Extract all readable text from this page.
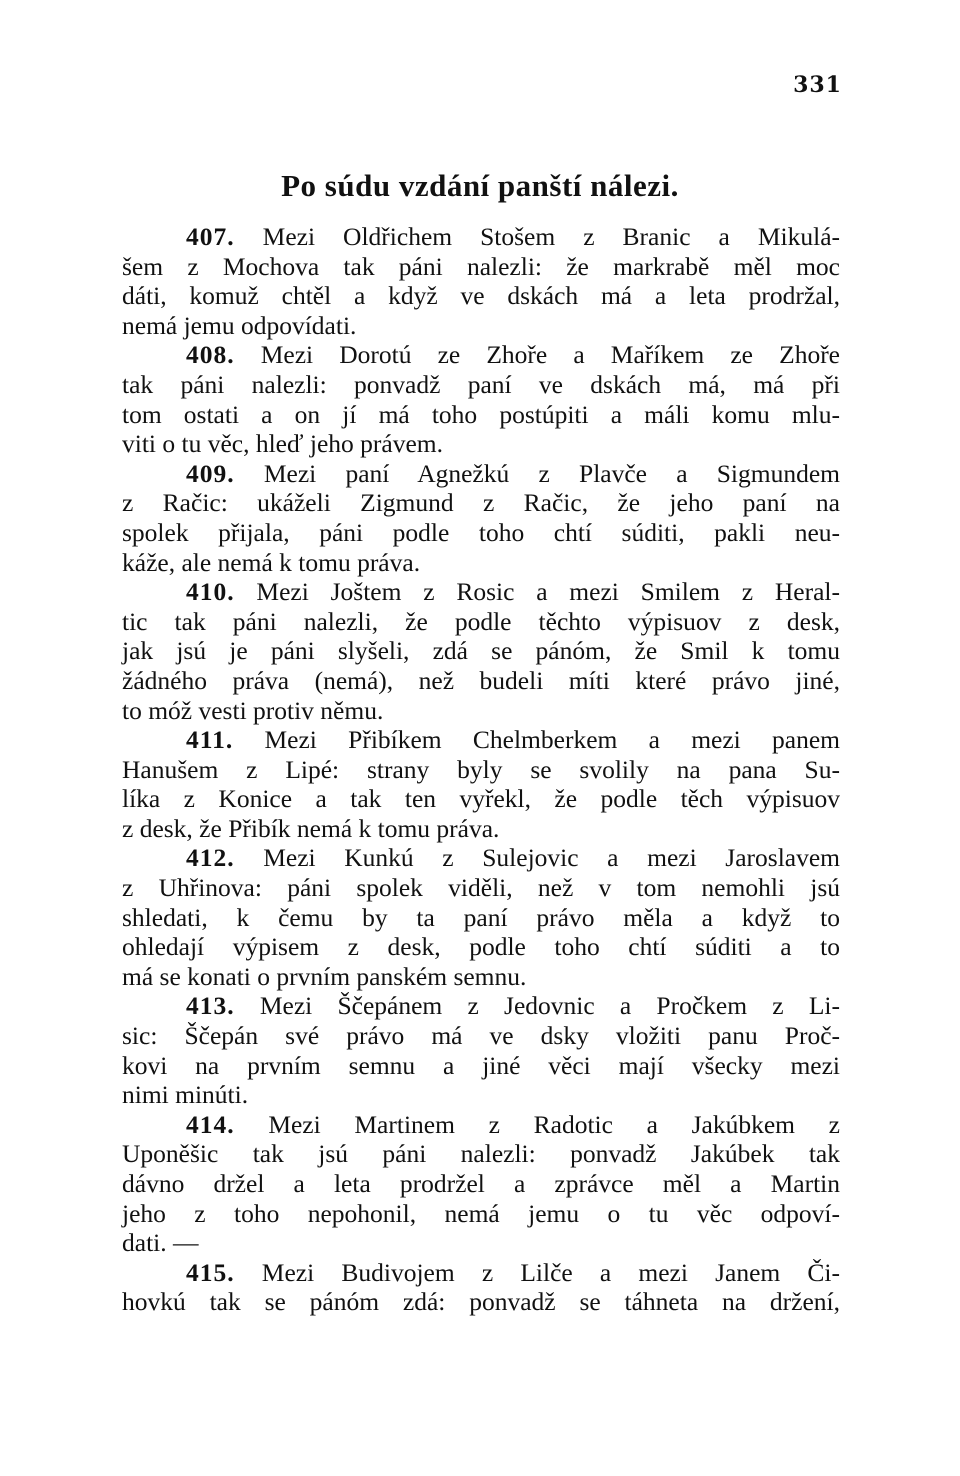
331
Po súdu vzdání panští nálezi.
407. Mezi Oldřichem Stošem z Branic a Mikulá-
šem z Mochova tak páni nalezli: že markrabě měl moc
dáti, komuž chtěl a když ve dskách má a leta prodržal,
nemá jemu odpovídati.
408. Mezi Dorotú ze Zhoře a Maříkem ze Zhoře
tak páni nalezli: ponvadž paní ve dskách má, má při
tom ostati a on jí má toho postúpiti a máli komu mlu-
viti o tu věc, hleď jeho právem.
409. Mezi paní Agnežkú z Plavče a Sigmundem
z Račic: ukáželi Zigmund z Račic, že jeho paní na
spolek přijala, páni podle toho chtí súditi, pakli neu-
káže, ale nemá k tomu práva.
410. Mezi Joštem z Rosic a mezi Smilem z Heral-
tic tak páni nalezli, že podle těchto výpisuov z desk,
jak jsú je páni slyšeli, zdá se pánóm, že Smil k tomu
žádného práva (nemá), než budeli míti které právo jiné,
to móž vesti protiv němu.
411. Mezi Přibíkem Chelmberkem a mezi panem
Hanušem z Lipé: strany byly se svolily na pana Su-
líka z Konice a tak ten vyřekl, že podle těch výpisuov
z desk, že Přibík nemá k tomu práva.
412. Mezi Kunkú z Sulejovic a mezi Jaroslavem
z Uhřinova: páni spolek viděli, než v tom nemohli jsú
shledati, k čemu by ta paní právo měla a když to
ohledají výpisem z desk, podle toho chtí súditi a to
má se konati o prvním panském semnu.
413. Mezi Ščepánem z Jedovnic a Pročkem z Li-
sic: Ščepán své právo má ve dsky vložiti panu Proč-
kovi na prvním semnu a jiné věci mají všecky mezi
nimi minúti.
414. Mezi Martinem z Radotic a Jakúbkem z
Uponěšic tak jsú páni nalezli: ponvadž Jakúbek tak
dávno držel a leta prodržel a zprávce měl a Martin
jeho z toho nepohonil, nemá jemu o tu věc odpoví-
dati. —
415. Mezi Budivojem z Lilče a mezi Janem Či-
hovkú tak se pánóm zdá: ponvadž se táhneta na držení,
